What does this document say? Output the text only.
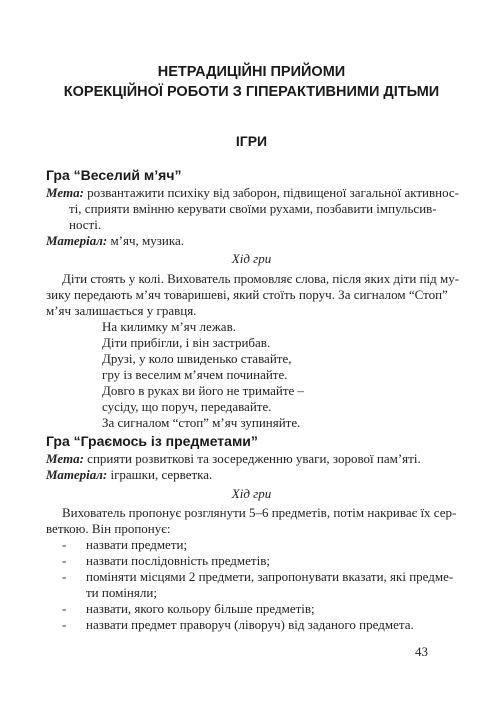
НЕТРАДИЦІЙНІ ПРИЙОМИ
КОРЕКЦІЙНОЇ РОБОТИ З ГІПЕРАКТИВНИМИ ДІТЬМИ
ІГРИ
Гра “Веселий м’яч”
Мета: розвантажити психіку від заборон, підвищеної загальної активнос-
ті, сприяти вмінню керувати своїми рухами, позбавити імпульсив-
ності.
Матеріал: м’яч, музика.
Хід гри
Діти стоять у колі. Вихователь промовляє слова, після яких діти під му-
зику передають м’яч товаришеві, який стоїть поруч. За сигналом “Стоп”
м’яч залишається у гравця.
На килимку м’яч лежав.
Діти прибігли, і він застрибав.
Друзі, у коло швиденько ставайте,
гру із веселим м’ячем починайте.
Довго в руках ви його не тримайте –
сусіду, що поруч, передавайте.
За сигналом “стоп” м’яч зупиняйте.
Гра “Граємось із предметами”
Мета: сприяти розвиткові та зосередженню уваги, зорової пам’яті.
Матеріал: іграшки, серветка.
Хід гри
Вихователь пропонує розглянути 5–6 предметів, потім накриває їх сер-
веткою. Він пропонує:
- назвати предмети;
- назвати послідовність предметів;
- поміняти місцями 2 предмети, запропонувати вказати, які предме-
ти поміняли;
- назвати, якого кольору більше предметів;
- назвати предмет праворуч (ліворуч) від заданого предмета.
43
